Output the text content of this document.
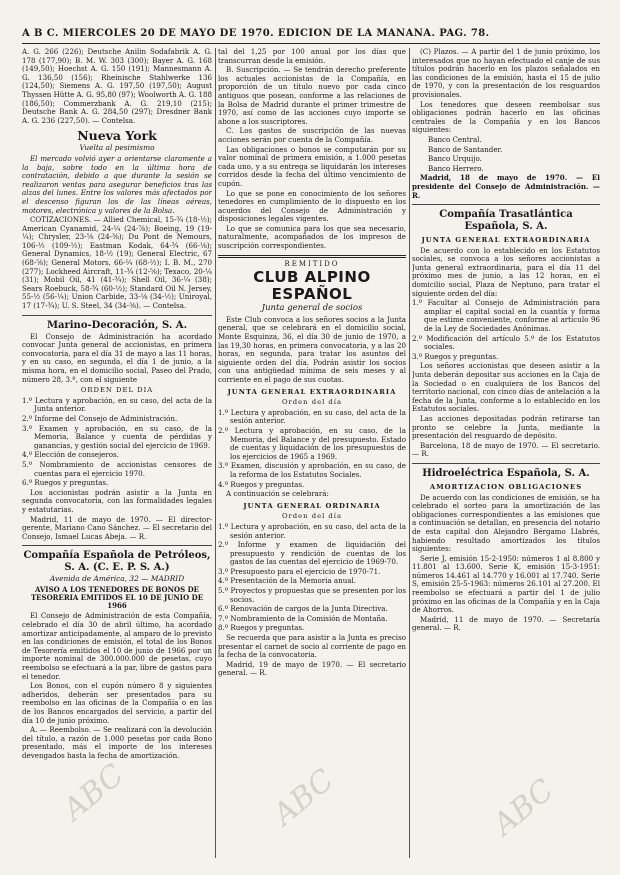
A B C. MIERCOLES 20 DE MAYO DE 1970. EDICION DE LA MAÑANA. PAG. 78.

A. G. 266 (226); Deutsche Anilin Sodafabrik A. G. 178 (177,90); B. M. W. 303 (300); Bayer A. G. 168 (149,50); Hoechst A. G. 150 (191); Mannesmann A. G. 136,50 (156); Rheinische Stahlwerke 136 (124,50); Siemens A. G. 197,50 (197,50); August Thyssen Hütte A. G. 95,80 (97); Woolworth A. G. 188 (186,50); Commerzbank A. G. 219,10 (215); Deutsche Bank A. G. 284,50 (297); Dresdner Bank A. G. 236 (227,50). — Contelsa.

Nueva York
Vuelta al pesimismo

El mercado volvió ayer a orientarse claramente a la baja, sobre todo en la última hora de contratación, debido a que durante la sesión se realizaron ventas para asegurar beneficios tras las alzas del lunes. Entre los valores más afectados por el descenso figuran los de las líneas aéreas, motores, electrónica y valores de la Bolsa.

COTIZACIONES. — Allied Chemical, 15-¾ (18-½); American Cyanamid, 24-¼ (24-⅞); Boeing, 19 (19-¼); Chrysler, 23-⅝ (24-⅜); Du Pont de Nemours, 106-½ (109-½); Eastman Kodak, 64-¾ (66-⅛); General Dynamics, 18-½ (19); General Electric, 67 (68-⅝); General Motors, 66-¼ (68-½); I. B. M., 270 (277); Lockheed Aircraft, 11-¾ (12-⅝); Texaco, 20-¼ (31); Mobil Oil, 41 (41-¾); Shell Oil, 36-¼ (38); Sears Roebuck, 58-¾ (60-½); Standard Oil N. Jersey, 55-½ (56-¼); Union Carbide, 33-⅛ (34-½); Uniroyal, 17 (17-¾); U. S. Steel, 34 (34-⅜). — Contelsa.

Marino-Decoración, S. A.

El Consejo de Administración ha acordado convocar Junta general de accionistas, en primera convocatoria, para el día 31 de mayo a las 11 horas, y en su caso, en segunda, el día 1 de junio, a la misma hora, en el domicilio social, Paseo del Prado, número 28, 3.º, con el siguiente

ORDEN DEL DIA

1.º Lectura y aprobación, en su caso, del acta de la Junta anterior.

2.º Informe del Consejo de Administración.

3.º Examen y aprobación, en su caso, de la Memoria, Balance y cuenta de pérdidas y ganancias, y gestión social del ejercicio de 1969.

4.º Elección de consejeros.

5.º Nombramiento de accionistas censores de cuentas para el ejercicio 1970.

6.º Ruegos y preguntas.

Los accionistas podrán asistir a la Junta en segunda convocatoria, con las formalidades legales y estatutarias.

Madrid, 11 de mayo de 1970. — El director-gerente, Mariano Cano Sánchez. — El secretario del Consejo, Ismael Lucas Abeja. — R.

Compañía Española de Petróleos, S. A. (C. E. P. S. A.)
Avenida de América, 32 — MADRID
AVISO A LOS TENEDORES DE BONOS DE TESORERIA EMITIDOS EL 10 DE JUNIO DE 1966

El Consejo de Administración de esta Compañía, celebrado el día 30 de abril último, ha acordado amortizar anticipadamente, al amparo de lo previsto en las condiciones de emisión, el total de los Bonos de Tesorería emitidos el 10 de junio de 1966 por un importe nominal de 300.000.000 de pesetas, cuyo reembolso se efectuará a la par, libre de gastos para el tenedor.

Los Bonos, con el cupón número 8 y siguientes adheridos, deberán ser presentados para su reembolso en las oficinas de la Compañía o en las de los Bancos encargados del servicio, a partir del día 10 de junio próximo.

A. — Reembolso. — Se realizará con la devolución del título, a razón de 1.000 pesetas por cada Bono presentado, más el importe de los intereses devengados hasta la fecha de amortización.

tal del 1,25 por 100 anual por los días que transcurran desde la emisión.

B. Suscripción. — Se tendrán derecho preferente los actuales accionistas de la Compañía, en proporción de un título nuevo por cada cinco antiguos que posean, conforme a las relaciones de la Bolsa de Madrid durante el primer trimestre de 1970, así como de las acciones cuyo importe se abone a los suscriptores.

C. Los gastos de suscripción de las nuevas acciones serán por cuenta de la Compañía.

Las obligaciones o bonos se computarán por su valor nominal de primera emisión, a 1.000 pesetas cada uno, y a su entrega se liquidarán los intereses corridos desde la fecha del último vencimiento de cupón.

Lo que se pone en conocimiento de los señores tenedores en cumplimiento de lo dispuesto en los acuerdos del Consejo de Administración y disposiciones legales vigentes.

Lo que se comunica para los que sea necesario, naturalmente, acompañados de los impresos de suscripción correspondientes.

REMITIDO
CLUB ALPINO ESPAÑOL
Junta general de socios

Este Club convoca a los señores socios a la Junta general, que se celebrará en el domicilio social, Monte Esquinza, 36, el día 30 de junio de 1970, a las 19,30 horas, en primera convocatoria, y a las 20 horas, en segunda, para tratar los asuntos del siguiente orden del día. Podrán asistir los socios con una antigüedad mínima de seis meses y al corriente en el pago de sus cuotas.

JUNTA GENERAL EXTRAORDINARIA
Orden del día

1.º Lectura y aprobación, en su caso, del acta de la sesión anterior.

2.º Lectura y aprobación, en su caso, de la Memoria, del Balance y del presupuesto. Estado de cuentas y liquidación de los presupuestos de los ejercicios de 1965 a 1969.

3.º Examen, discusión y aprobación, en su caso, de la reforma de los Estatutos Sociales.

4.º Ruegos y preguntas.

A continuación se celebrará:

JUNTA GENERAL ORDINARIA
Orden del día

1.º Lectura y aprobación, en su caso, del acta de la sesión anterior.

2.º Informe y examen de liquidación del presupuesto y rendición de cuentas de los gastos de las cuentas del ejercicio de 1969-70.

3.º Presupuesto para el ejercicio de 1970-71.

4.º Presentación de la Memoria anual.

5.º Proyectos y propuestas que se presenten por los socios.

6.º Renovación de cargos de la Junta Directiva.

7.º Nombramiento de la Comisión de Montaña.

8.º Ruegos y preguntas.

Se recuerda que para asistir a la Junta es preciso presentar el carnet de socio al corriente de pago en la fecha de la convocatoria.

Madrid, 19 de mayo de 1970. — El secretario general. — R.

(C) Plazos. — A partir del 1 de junio próximo, los interesados que no hayan efectuado el canje de sus títulos podrán hacerlo en los plazos señalados en las condiciones de la emisión, hasta el 15 de julio de 1970, y con la presentación de los resguardos provisionales.

Los tenedores que deseen reembolsar sus obligaciones podrán hacerlo en las oficinas centrales de la Compañía y en los Bancos siguientes:

Banco Central.

Banco de Santander.

Banco Urquijo.

Banco Herrero.

Madrid, 18 de mayo de 1970. — El presidente del Consejo de Administración. — R.

Compañía Trasatlántica Española, S. A.
JUNTA GENERAL EXTRAORDINARIA

De acuerdo con lo establecido en los Estatutos sociales, se convoca a los señores accionistas a Junta general extraordinaria, para el día 11 del próximo mes de junio, a las 12 horas, en el domicilio social, Plaza de Neptuno, para tratar el siguiente orden del día:

1.º Facultar al Consejo de Administración para ampliar el capital social en la cuantía y forma que estime conveniente, conforme al artículo 96 de la Ley de Sociedades Anónimas.

2.º Modificación del artículo 5.º de los Estatutos sociales.

3.º Ruegos y preguntas.

Los señores accionistas que deseen asistir a la Junta deberán depositar sus acciones en la Caja de la Sociedad o en cualquiera de los Bancos del territorio nacional, con cinco días de antelación a la fecha de la Junta, conforme a lo establecido en los Estatutos sociales.

Las acciones depositadas podrán retirarse tan pronto se celebre la Junta, mediante la presentación del resguardo de depósito.

Barcelona, 18 de mayo de 1970. — El secretario. — R.

Hidroeléctrica Española, S. A.
AMORTIZACION OBLIGACIONES

De acuerdo con las condiciones de emisión, se ha celebrado el sorteo para la amortización de las obligaciones correspondientes a las emisiones que a continuación se detallan, en presencia del notario de esta capital don Alejandro Bérgamo Llabrés, habiendo resultado amortizados los títulos siguientes:

Serie J, emisión 15-2-1950: números 1 al 8.800 y 11.801 al 13.600. Serie K, emisión 15-3-1951: números 14.461 al 14.770 y 16.001 al 17.740. Serie S, emisión 25-5-1963: números 26.101 al 27.200. El reembolso se efectuará a partir del 1 de julio próximo en las oficinas de la Compañía y en la Caja de Ahorros.

Madrid, 11 de mayo de 1970. — Secretaría general. — R.

ABC	ABC	ABC
